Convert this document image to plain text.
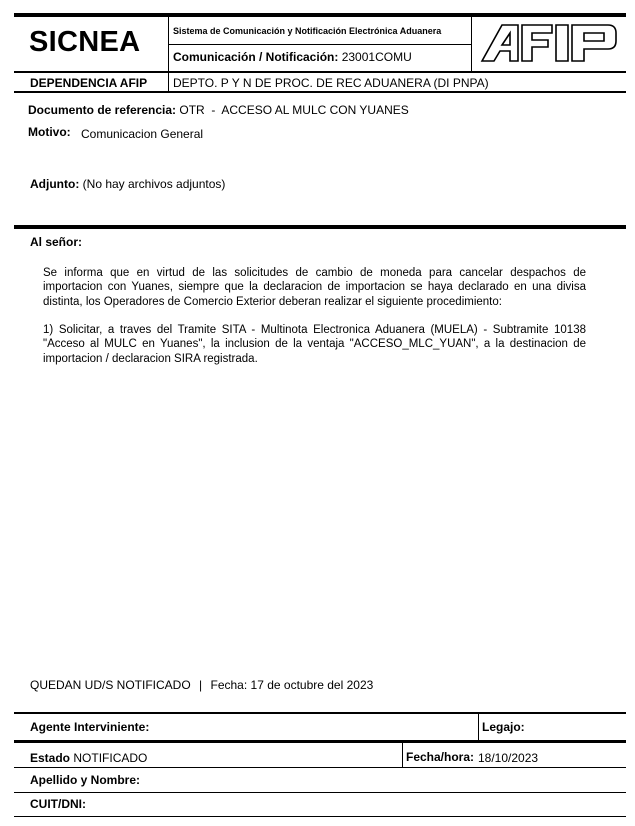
SICNEA	Sistema de Comunicación y Notificación Electrónica Aduanera
Comunicación / Notificación: 23001COMU
AFIP
DEPENDENCIA AFIP DEPTO. P Y N DE PROC. DE REC ADUANERA (DI PNPA)
Documento de referencia: OTR  -  ACCESO AL MULC CON YUANES
Motivo: Comunicacion General
Adjunto: (No hay archivos adjuntos)
Al señor:
Se informa que en virtud de las solicitudes de cambio de moneda para cancelar despachos de importacion con Yuanes, siempre que la declaracion de importacion se haya declarado en una divisa distinta, los Operadores de Comercio Exterior deberan realizar el siguiente procedimiento:
1) Solicitar, a traves del Tramite SITA - Multinota Electronica Aduanera (MUELA) - Subtramite 10138 "Acceso al MULC en Yuanes", la inclusion de la ventaja "ACCESO_MLC_YUAN", a la destinacion de importacion / declaracion SIRA registrada.
QUEDAN UD/S NOTIFICADO | Fecha: 17 de octubre del 2023
Agente Interviniente:	Legajo:
Estado NOTIFICADO	Fecha/hora: 18/10/2023
Apellido y Nombre:
CUIT/DNI:
